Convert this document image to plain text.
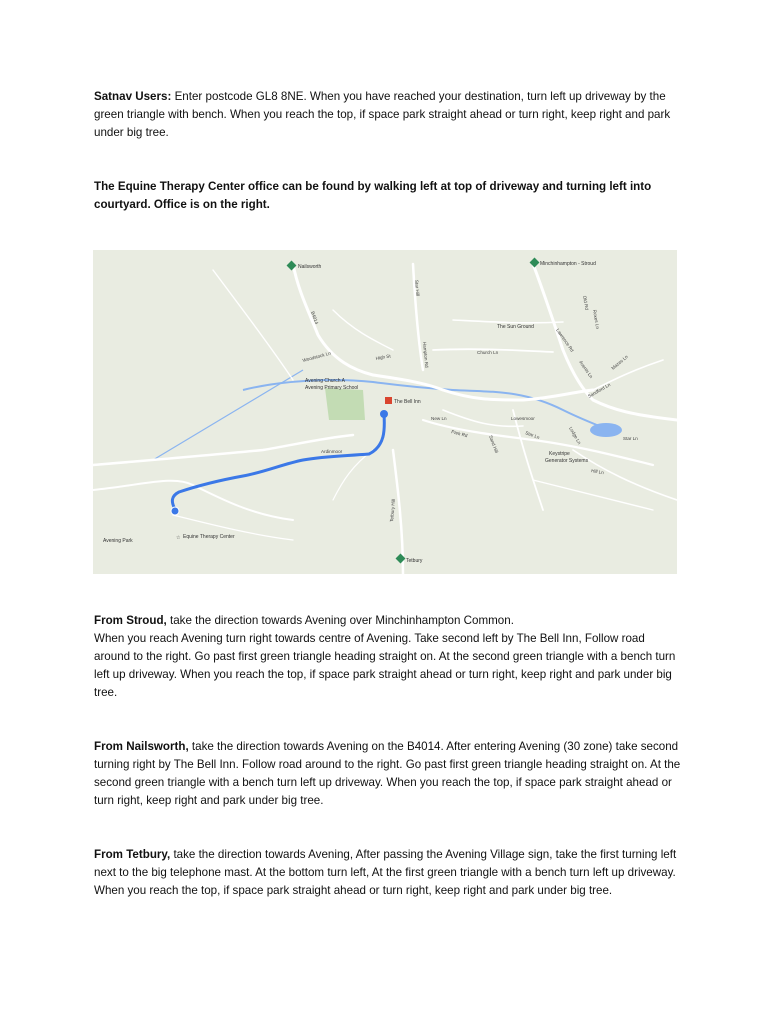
Satnav Users: Enter postcode GL8 8NE. When you have reached your destination, turn left up driveway by the green triangle with bench. When you reach the top, if space park straight ahead or turn right, keep right and park under big tree.

The Equine Therapy Center office can be found by walking left at top of driveway and turning left into courtyard. Office is on the right.

☆
Nailsworth	Minchinhampton - Stroud
Avening Church A
Avening Primary School
The Bell Inn
Keystripe
Generator Systems
Tetbury
Avening Park
Equine Therapy Center
The Sun Ground
B4014
Woodstock Ln
Star Hill
Hampton Rd
High St
Park Rd
Lowesmoor
New Ln
Star Ln
Ardinmoor
Tetbury Hill
Sand Hill
Church Ln	Lawrence Rd
Avenis Ln
Sandford Ln
Hill Ln
Star Ln
Lodge Ln
Mazes Ln
Old Rd
Roxes Ln

From Stroud, take the direction towards Avening over Minchinhampton Common.
When you reach Avening turn right towards centre of Avening. Take second left by The Bell Inn, Follow road around to the right. Go past first green triangle heading straight on. At the second green triangle with a bench turn left up driveway. When you reach the top, if space park straight ahead or turn right, keep right and park under big tree.

From Nailsworth, take the direction towards Avening on the B4014. After entering Avening (30 zone) take second turning right by The Bell Inn. Follow road around to the right. Go past first green triangle heading straight on. At the second green triangle with a bench turn left up driveway. When you reach the top, if space park straight ahead or turn right, keep right and park under big tree.

From Tetbury, take the direction towards Avening, After passing the Avening Village sign, take the first turning left next to the big telephone mast. At the bottom turn left, At the first green triangle with a bench turn left up driveway. When you reach the top, if space park straight ahead or turn right, keep right and park under big tree.
